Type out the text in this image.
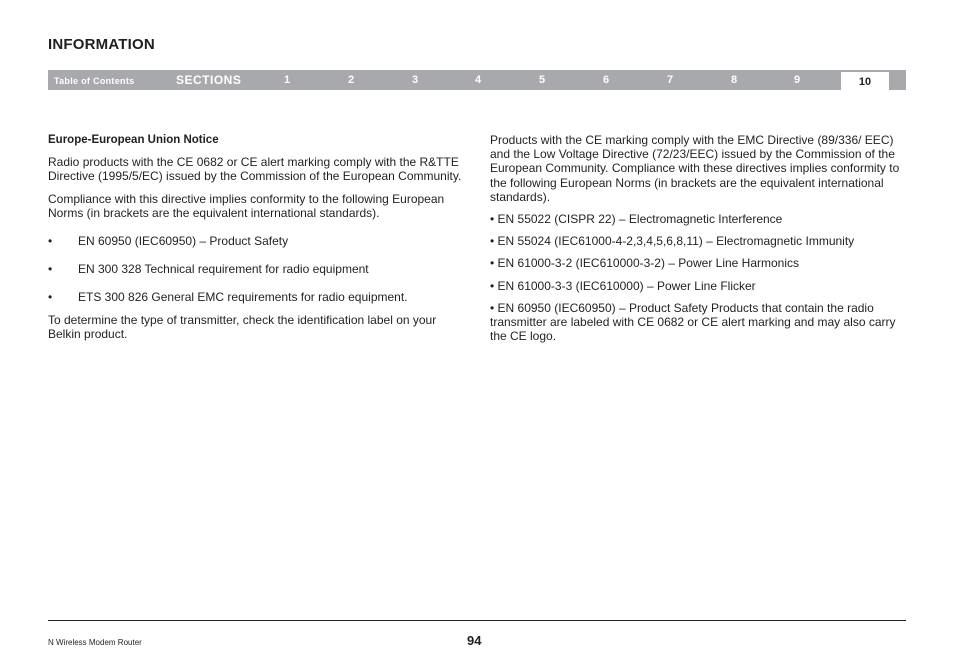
INFORMATION
Table of Contents	SECTIONS	1	2	3	4	5	6	7	8	9	10

Europe-European Union Notice

Radio products with the CE 0682 or CE alert marking comply with the R&TTE Directive (1995/5/EC) issued by the Commission of the European Community.

Compliance with this directive implies conformity to the following European Norms (in brackets are the equivalent international standards).

•	EN 60950 (IEC60950) – Product Safety
•	EN 300 328 Technical requirement for radio equipment
•	ETS 300 826 General EMC requirements for radio equipment.

To determine the type of transmitter, check the identification label on your Belkin product.

Products with the CE marking comply with the EMC Directive (89/336/ EEC) and the Low Voltage Directive (72/23/EEC) issued by the Commission of the European Community. Compliance with these directives implies conformity to the following European Norms (in brackets are the equivalent international standards).

• EN 55022 (CISPR 22) – Electromagnetic Interference

• EN 55024 (IEC61000-4-2,3,4,5,6,8,11) – Electromagnetic Immunity

• EN 61000-3-2 (IEC610000-3-2) – Power Line Harmonics

• EN 61000-3-3 (IEC610000) – Power Line Flicker

• EN 60950 (IEC60950) – Product Safety Products that contain the radio transmitter are labeled with CE 0682 or CE alert marking and may also carry the CE logo.

N Wireless Modem Router	94
